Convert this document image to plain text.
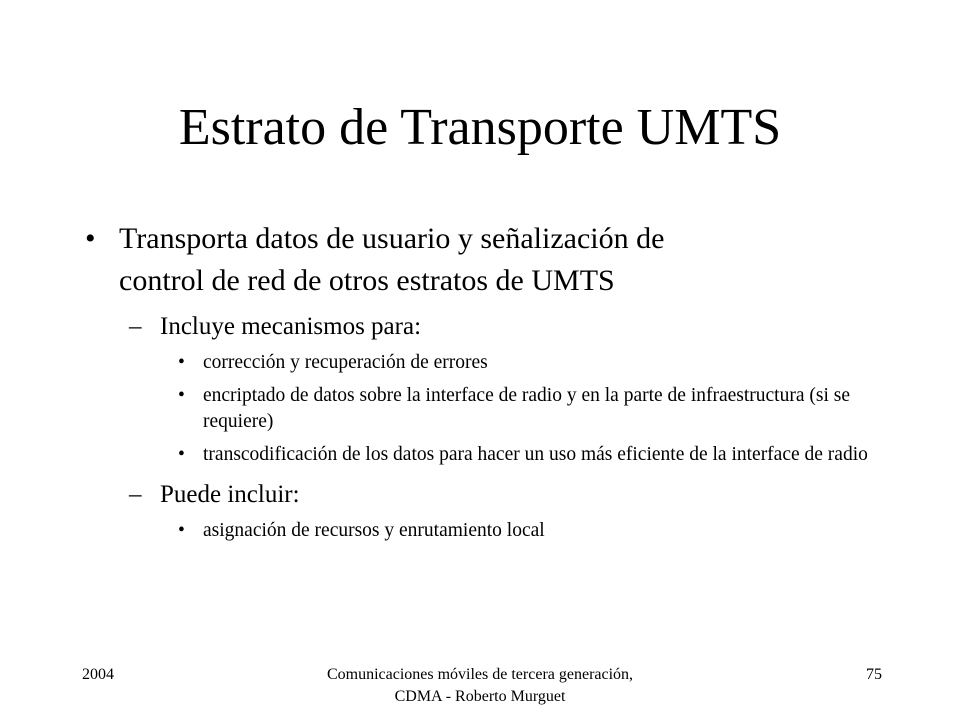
Estrato de Transporte UMTS
• Transporta datos de usuario y señalización de
control de red de otros estratos de UMTS
– Incluye mecanismos para:
• corrección y recuperación de errores
• encriptado de datos sobre la interface de radio y en la parte de infraestructura (si se requiere)
• transcodificación de los datos para hacer un uso más eficiente de la interface de radio
– Puede incluir:
• asignación de recursos y enrutamiento local
2004	Comunicaciones móviles de tercera generación, CDMA - Roberto Murguet
75
